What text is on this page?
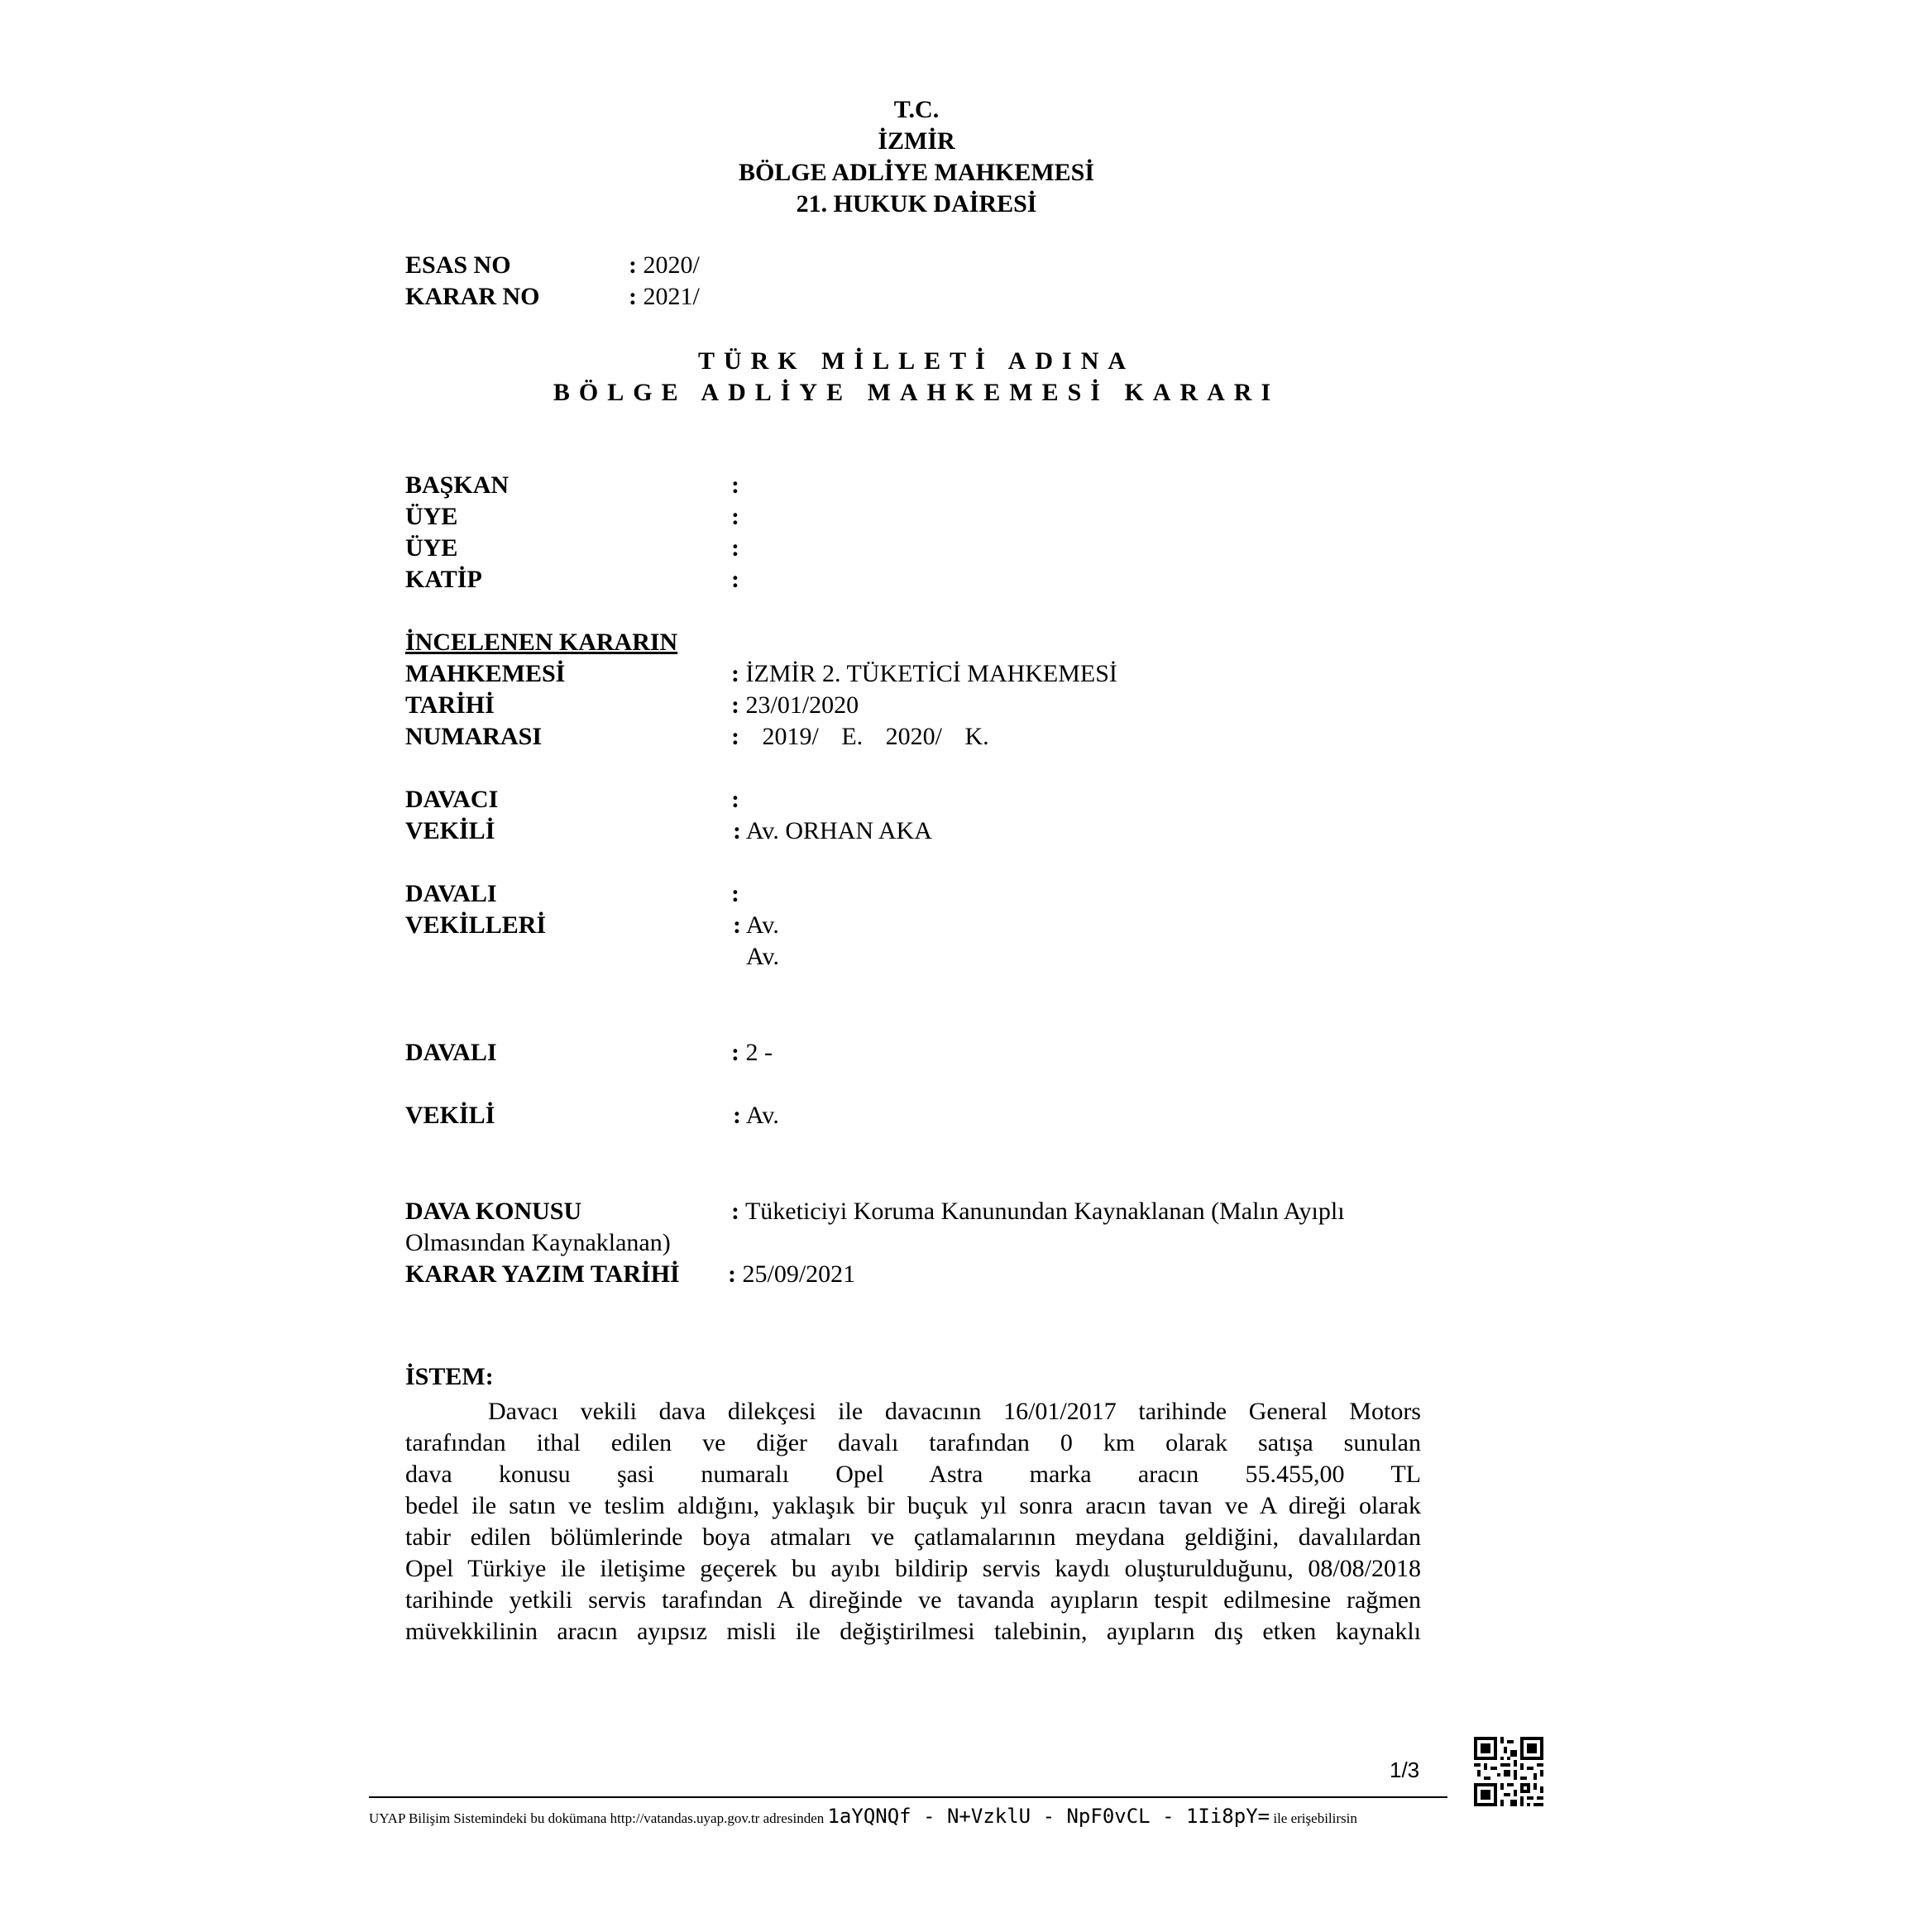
T.C.
İZMİR
BÖLGE ADLİYE MAHKEMESİ
21. HUKUK DAİRESİ
ESAS NO	: 2020/
KARAR NO	: 2021/
TÜRK MİLLETİ ADINA
BÖLGE ADLİYE MAHKEMESİ KARARI
BAŞKAN	:
ÜYE	:
ÜYE	:
KATİP	:
İNCELENEN KARARIN
MAHKEMESİ	: İZMİR 2. TÜKETİCİ MAHKEMESİ
TARİHİ	: 23/01/2020
NUMARASI	: 2019/ E. 2020/ K.
DAVACI	:
VEKİLİ	: Av. ORHAN AKA
DAVALI	:
VEKİLLERİ	: Av.
Av.
DAVALI	: 2 -
VEKİLİ	: Av.
DAVA KONUSU	: Tüketiciyi Koruma Kanunundan Kaynaklanan (Malın Ayıplı
Olmasından Kaynaklanan)
KARAR YAZIM TARİHİ : 25/09/2021
İSTEM:
Davacı vekili dava dilekçesi ile davacının 16/01/2017 tarihinde General Motors
tarafından ithal edilen ve diğer davalı tarafından 0 km olarak satışa sunulan
dava konusu şasi numaralı Opel Astra marka aracın 55.455,00 TL
bedel ile satın ve teslim aldığını, yaklaşık bir buçuk yıl sonra aracın tavan ve A direği olarak
tabir edilen bölümlerinde boya atmaları ve çatlamalarının meydana geldiğini, davalılardan
Opel Türkiye ile iletişime geçerek bu ayıbı bildirip servis kaydı oluşturulduğunu, 08/08/2018
tarihinde yetkili servis tarafından A direğinde ve tavanda ayıpların tespit edilmesine rağmen
müvekkilinin aracın ayıpsız misli ile değiştirilmesi talebinin, ayıpların dış etken kaynaklı
1/3
UYAP Bilişim Sistemindeki bu dokümana http://vatandas.uyap.gov.tr adresinden 1aYQNQf - N+VzklU - NpF0vCL - 1Ii8pY= ile erişebilirsin
